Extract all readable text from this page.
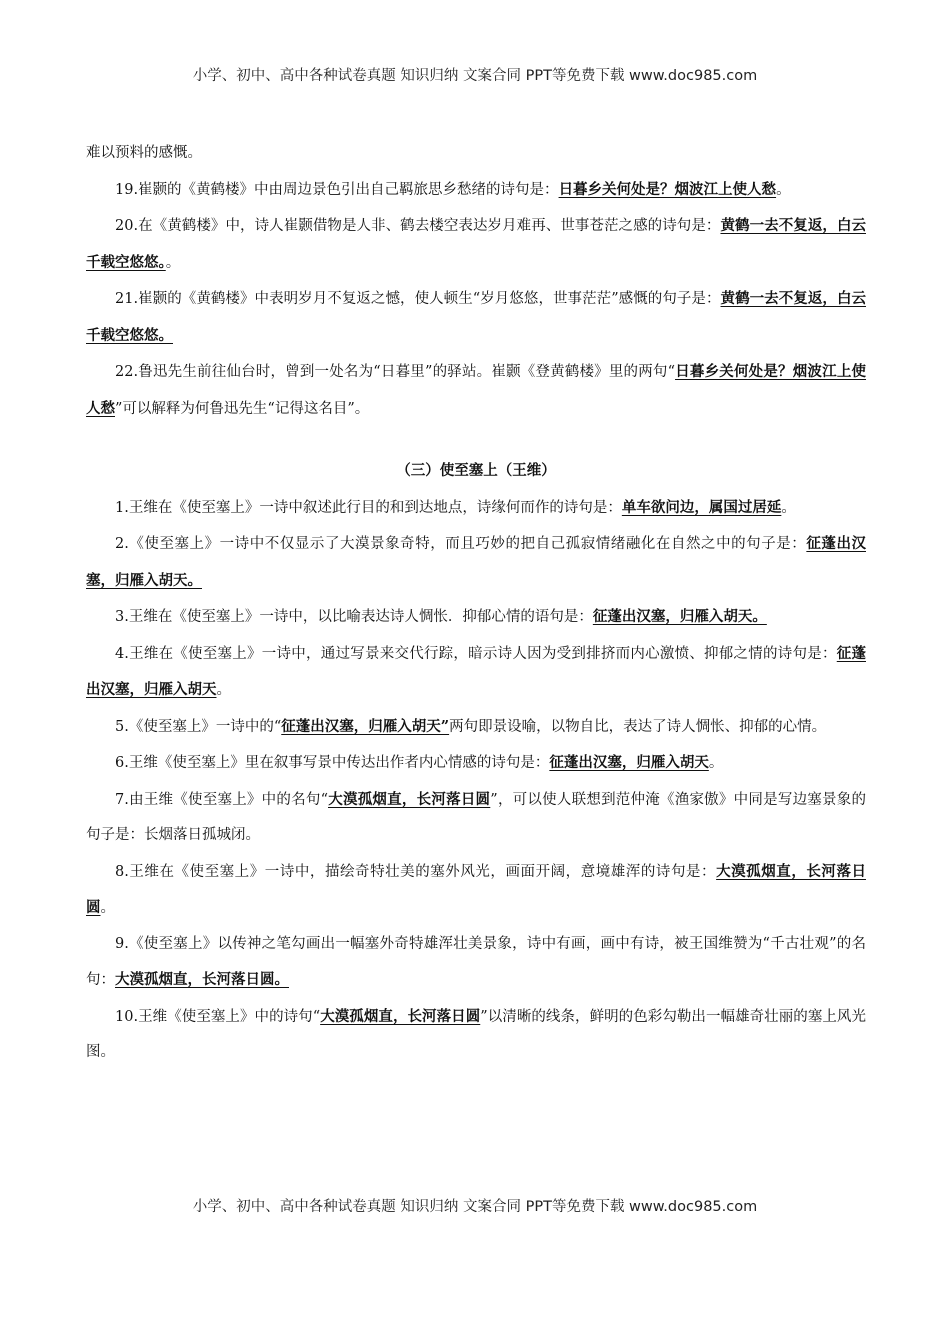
小学、初中、高中各种试卷真题 知识归纳 文案合同 PPT等免费下载 www.doc985.com

难以预料的感慨。

19.崔颢的《黄鹤楼》中由周边景色引出自己羁旅思乡愁绪的诗句是：日暮乡关何处是？烟波江上使人愁。

20.在《黄鹤楼》中，诗人崔颢借物是人非、鹤去楼空表达岁月难再、世事苍茫之感的诗句是：黄鹤一去不复返，白云千载空悠悠。。

21.崔颢的《黄鹤楼》中表明岁月不复返之憾，使人顿生“岁月悠悠，世事茫茫”感慨的句子是：黄鹤一去不复返，白云千载空悠悠。

22.鲁迅先生前往仙台时，曾到一处名为“日暮里”的驿站。崔颢《登黄鹤楼》里的两句“日暮乡关何处是？烟波江上使人愁”可以解释为何鲁迅先生“记得这名目”。

（三）使至塞上（王维）

1.王维在《使至塞上》一诗中叙述此行目的和到达地点，诗缘何而作的诗句是：单车欲问边，属国过居延。

2.《使至塞上》一诗中不仅显示了大漠景象奇特，而且巧妙的把自己孤寂情绪融化在自然之中的句子是：征蓬出汉塞，归雁入胡天。

3.王维在《使至塞上》一诗中，以比喻表达诗人惆怅．抑郁心情的语句是：征蓬出汉塞，归雁入胡天。

4.王维在《使至塞上》一诗中，通过写景来交代行踪，暗示诗人因为受到排挤而内心激愤、抑郁之情的诗句是：征蓬出汉塞，归雁入胡天。

5.《使至塞上》一诗中的“征蓬出汉塞，归雁入胡天”两句即景设喻，以物自比，表达了诗人惆怅、抑郁的心情。

6.王维《使至塞上》里在叙事写景中传达出作者内心情感的诗句是：征蓬出汉塞，归雁入胡天。

7.由王维《使至塞上》中的名句“大漠孤烟直，长河落日圆”，可以使人联想到范仲淹《渔家傲》中同是写边塞景象的句子是：长烟落日孤城闭。

8.王维在《使至塞上》一诗中，描绘奇特壮美的塞外风光，画面开阔，意境雄浑的诗句是：大漠孤烟直，长河落日圆。

9.《使至塞上》以传神之笔勾画出一幅塞外奇特雄浑壮美景象，诗中有画，画中有诗，被王国维赞为“千古壮观”的名句：大漠孤烟直，长河落日圆。

10.王维《使至塞上》中的诗句“大漠孤烟直，长河落日圆”以清晰的线条，鲜明的色彩勾勒出一幅雄奇壮丽的塞上风光图。

小学、初中、高中各种试卷真题 知识归纳 文案合同 PPT等免费下载 www.doc985.com
